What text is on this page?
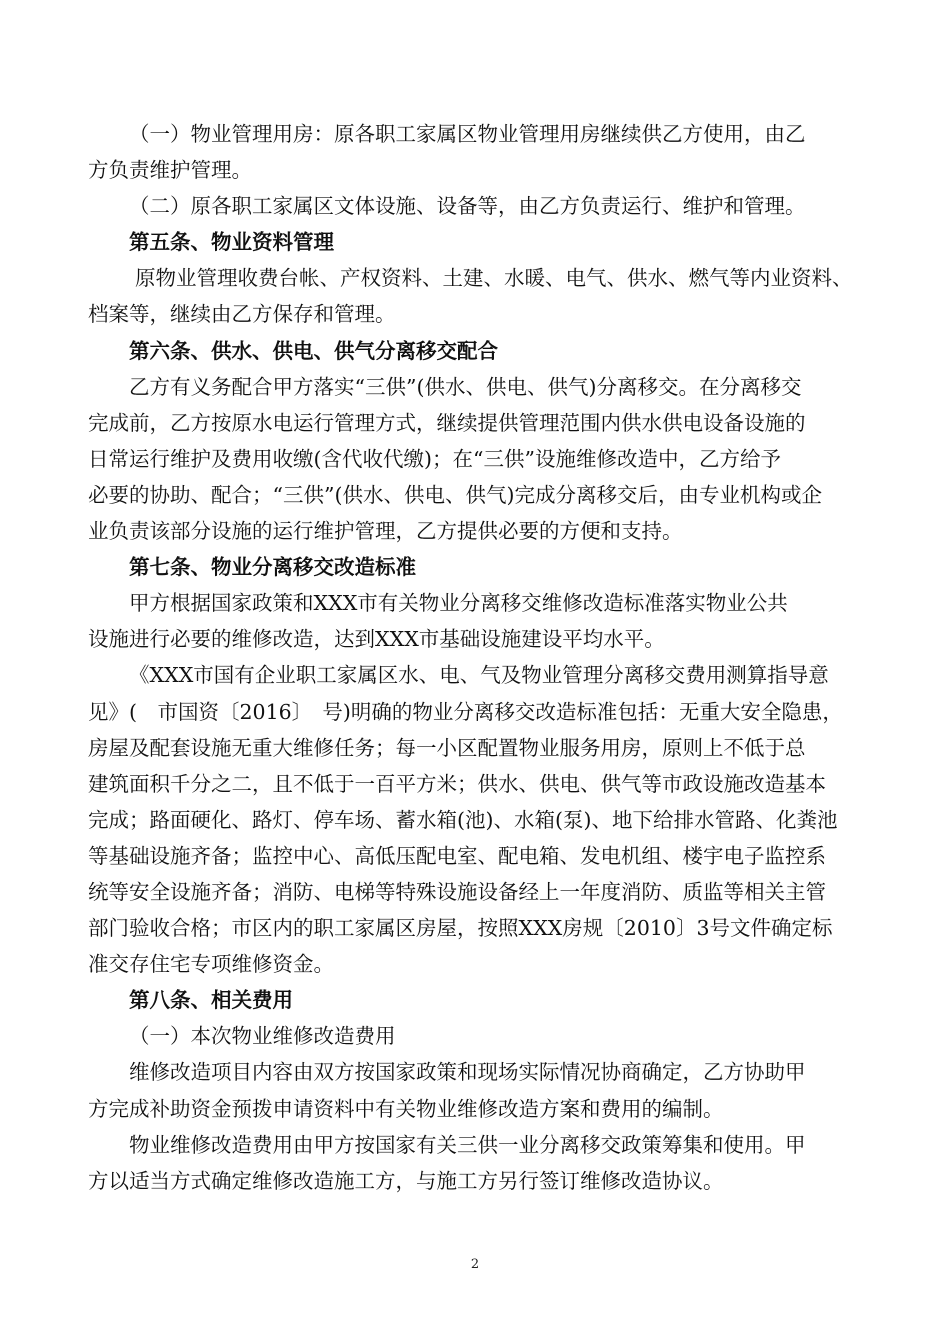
（一）物业管理用房：原各职工家属区物业管理用房继续供乙方使用，由乙
方负责维护管理。
（二）原各职工家属区文体设施、设备等，由乙方负责运行、维护和管理。
第五条、物业资料管理
原物业管理收费台帐、产权资料、土建、水暖、电气、供水、燃气等内业资料、
档案等，继续由乙方保存和管理。
第六条、供水、供电、供气分离移交配合
乙方有义务配合甲方落实“三供”(供水、供电、供气)分离移交。在分离移交
完成前，乙方按原水电运行管理方式，继续提供管理范围内供水供电设备设施的
日常运行维护及费用收缴(含代收代缴)；在“三供”设施维修改造中，乙方给予
必要的协助、配合；“三供”(供水、供电、供气)完成分离移交后，由专业机构或企
业负责该部分设施的运行维护管理，乙方提供必要的方便和支持。
第七条、物业分离移交改造标准
甲方根据国家政策和XXX市有关物业分离移交维修改造标准落实物业公共
设施进行必要的维修改造，达到XXX市基础设施建设平均水平。
《XXX市国有企业职工家属区水、电、气及物业管理分离移交费用测算指导意
见》(　市国资〔2016〕　号)明确的物业分离移交改造标准包括：无重大安全隐患，
房屋及配套设施无重大维修任务；每一小区配置物业服务用房，原则上不低于总
建筑面积千分之二，且不低于一百平方米；供水、供电、供气等市政设施改造基本
完成；路面硬化、路灯、停车场、蓄水箱(池)、水箱(泵)、地下给排水管路、化粪池
等基础设施齐备；监控中心、高低压配电室、配电箱、发电机组、楼宇电子监控系
统等安全设施齐备；消防、电梯等特殊设施设备经上一年度消防、质监等相关主管
部门验收合格；市区内的职工家属区房屋，按照XXX房规〔2010〕3号文件确定标
准交存住宅专项维修资金。
第八条、相关费用
（一）本次物业维修改造费用
维修改造项目内容由双方按国家政策和现场实际情况协商确定，乙方协助甲
方完成补助资金预拨申请资料中有关物业维修改造方案和费用的编制。
物业维修改造费用由甲方按国家有关三供一业分离移交政策筹集和使用。甲
方以适当方式确定维修改造施工方，与施工方另行签订维修改造协议。
2
